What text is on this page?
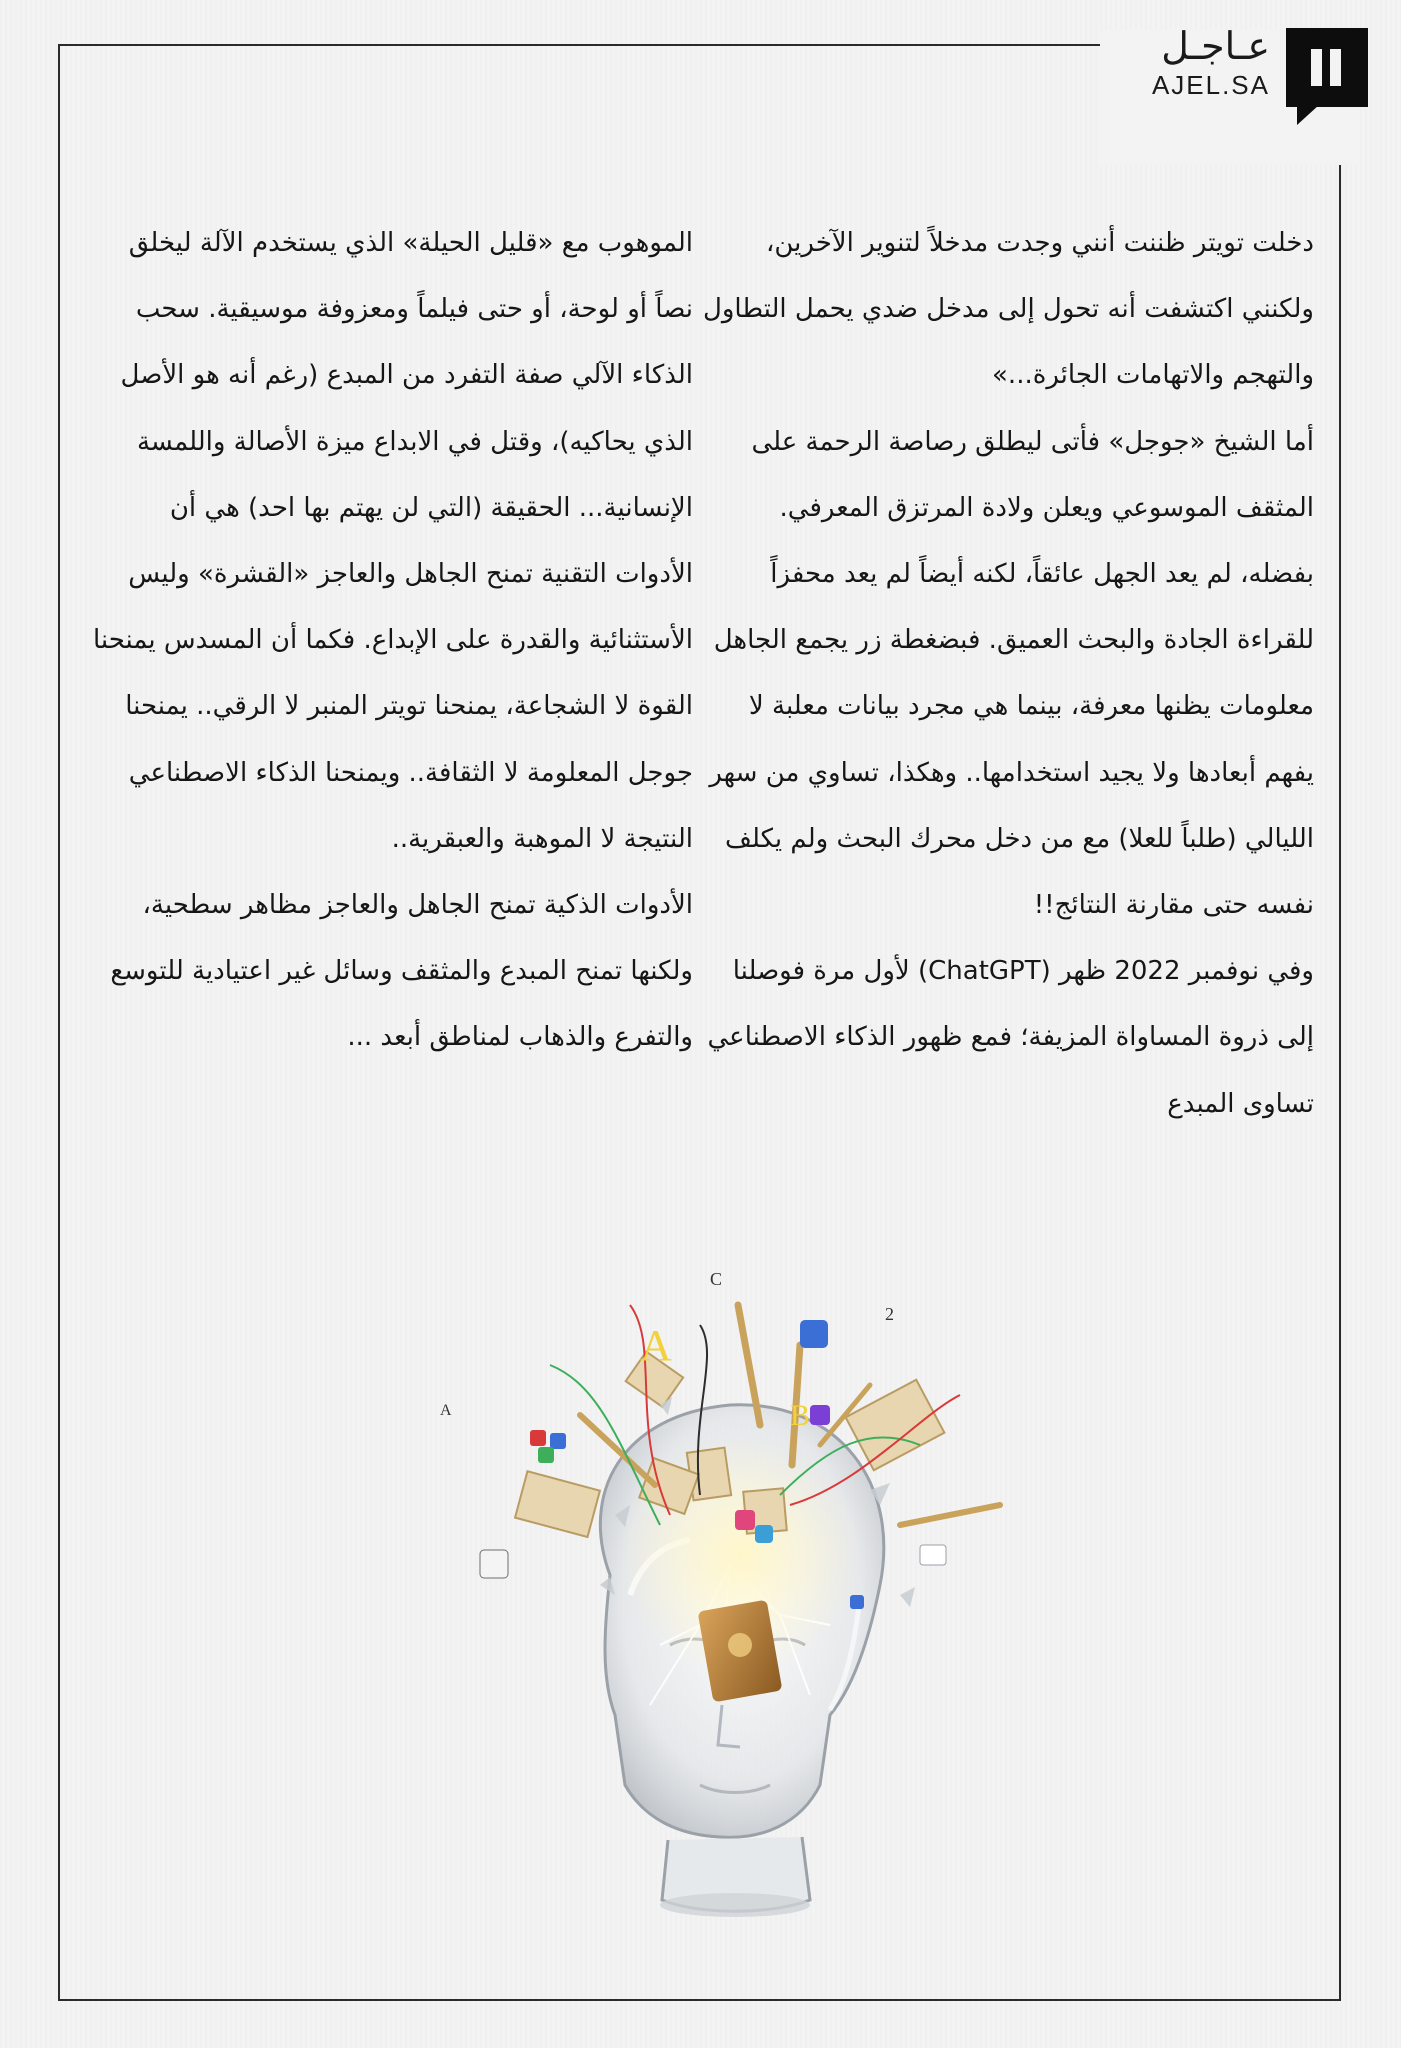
عـاجـل
AJEL.SA

دخلت تويتر ظننت أنني وجدت مدخلاً لتنوير الآخرين، ولكنني اكتشفت أنه تحول إلى مدخل ضدي يحمل التطاول والتهجم والاتهامات الجائرة...»

أما الشيخ «جوجل» فأتى ليطلق رصاصة الرحمة على المثقف الموسوعي ويعلن ولادة المرتزق المعرفي. بفضله، لم يعد الجهل عائقاً، لكنه أيضاً لم يعد محفزاً للقراءة الجادة والبحث العميق. فبضغطة زر يجمع الجاهل معلومات يظنها معرفة، بينما هي مجرد بيانات معلبة لا يفهم أبعادها ولا يجيد استخدامها.. وهكذا، تساوي من سهر الليالي (طلباً للعلا) مع من دخل محرك البحث ولم يكلف نفسه حتى مقارنة النتائج!!

وفي نوفمبر 2022 ظهر (ChatGPT) لأول مرة فوصلنا إلى ذروة المساواة المزيفة؛ فمع ظهور الذكاء الاصطناعي تساوى المبدع

الموهوب مع «قليل الحيلة» الذي يستخدم الآلة ليخلق نصاً أو لوحة، أو حتى فيلماً ومعزوفة موسيقية. سحب الذكاء الآلي صفة التفرد من المبدع (رغم أنه هو الأصل الذي يحاكيه)، وقتل في الابداع ميزة الأصالة واللمسة الإنسانية... الحقيقة (التي لن يهتم بها احد) هي أن الأدوات التقنية تمنح الجاهل والعاجز «القشرة» وليس الأستثنائية والقدرة على الإبداع. فكما أن المسدس يمنحنا القوة لا الشجاعة، يمنحنا تويتر المنبر لا الرقي.. يمنحنا جوجل المعلومة لا الثقافة.. ويمنحنا الذكاء الاصطناعي النتيجة لا الموهبة والعبقرية..

الأدوات الذكية تمنح الجاهل والعاجز مظاهر سطحية، ولكنها تمنح المبدع والمثقف وسائل غير اعتيادية للتوسع والتفرع والذهاب لمناطق أبعد ...

A
B
C
2
A
